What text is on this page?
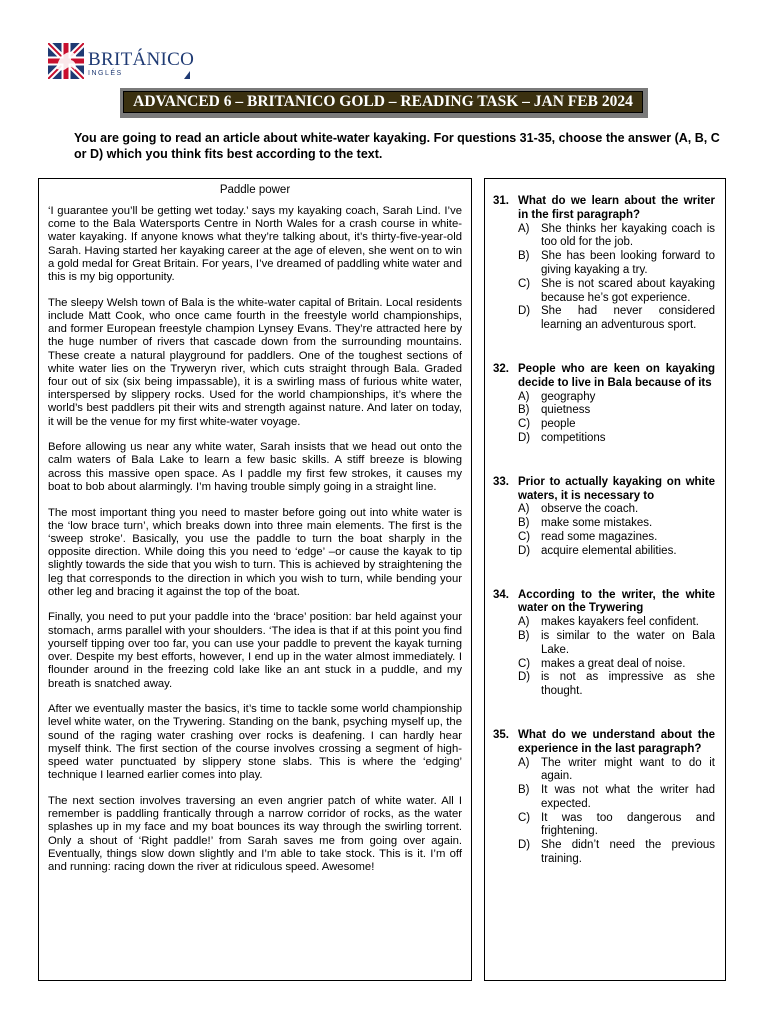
BRITÁNICO
INGLÉS
ADVANCED 6 – BRITANICO GOLD – READING TASK – JAN FEB 2024
You are going to read an article about white-water kayaking. For questions 31-35, choose the answer (A, B, C or D) which you think fits best according to the text.
Paddle power

‘I guarantee you’ll be getting wet today.’ says my kayaking coach, Sarah Lind. I’ve come to the Bala Watersports Centre in North Wales for a crash course in white-water kayaking. If anyone knows what they’re talking about, it’s thirty-five-year-old Sarah. Having started her kayaking career at the age of eleven, she went on to win a gold medal for Great Britain. For years, I’ve dreamed of paddling white water and this is my big opportunity.

The sleepy Welsh town of Bala is the white-water capital of Britain. Local residents include Matt Cook, who once came fourth in the freestyle world championships, and former European freestyle champion Lynsey Evans. They’re attracted here by the huge number of rivers that cascade down from the surrounding mountains. These create a natural playground for paddlers. One of the toughest sections of white water lies on the Tryweryn river, which cuts straight through Bala. Graded four out of six (six being impassable), it is a swirling mass of furious white water, interspersed by slippery rocks. Used for the world championships, it’s where the world’s best paddlers pit their wits and strength against nature. And later on today, it will be the venue for my first white-water voyage.

Before allowing us near any white water, Sarah insists that we head out onto the calm waters of Bala Lake to learn a few basic skills. A stiff breeze is blowing across this massive open space. As I paddle my first few strokes, it causes my boat to bob about alarmingly. I’m having trouble simply going in a straight line.

The most important thing you need to master before going out into white water is the ‘low brace turn’, which breaks down into three main elements. The first is the ‘sweep stroke’. Basically, you use the paddle to turn the boat sharply in the opposite direction. While doing this you need to ‘edge’ –or cause the kayak to tip slightly towards the side that you wish to turn. This is achieved by straightening the leg that corresponds to the direction in which you wish to turn, while bending your other leg and bracing it against the top of the boat.

Finally, you need to put your paddle into the ‘brace’ position: bar held against your stomach, arms parallel with your shoulders. ‘The idea is that if at this point you find yourself tipping over too far, you can use your paddle to prevent the kayak turning over. Despite my best efforts, however, I end up in the water almost immediately. I flounder around in the freezing cold lake like an ant stuck in a puddle, and my breath is snatched away.

After we eventually master the basics, it’s time to tackle some world championship level white water, on the Trywering. Standing on the bank, psyching myself up, the sound of the raging water crashing over rocks is deafening. I can hardly hear myself think. The first section of the course involves crossing a segment of high-speed water punctuated by slippery stone slabs. This is where the ‘edging’ technique I learned earlier comes into play.

The next section involves traversing an even angrier patch of white water. All I remember is paddling frantically through a narrow corridor of rocks, as the water splashes up in my face and my boat bounces its way through the swirling torrent. Only a shout of ‘Right paddle!’ from Sarah saves me from going over again. Eventually, things slow down slightly and I’m able to take stock. This is it. I’m off and running: racing down the river at ridiculous speed. Awesome!

31. What do we learn about the writer in the first paragraph?
A)	She thinks her kayaking coach is too old for the job.
B)	She has been looking forward to giving kayaking a try.
C) She is not scared about kayaking because he’s got experience.
D) She had never considered learning an adventurous sport.
32. People who are keen on kayaking decide to live in Bala because of its
A)	geography
B)	quietness
C) people
D) competitions
33. Prior to actually kayaking on white waters, it is necessary to
A)	observe the coach.
B)	make some mistakes.
C) read some magazines.
D) acquire elemental abilities.
34. According to the writer, the white water on the Trywering
A)	makes kayakers feel confident.
B)	is similar to the water on Bala Lake.
C) makes a great deal of noise.
D) is not as impressive as she thought.
35. What do we understand about the experience in the last paragraph?
A)	The writer might want to do it again.
B)	It was not what the writer had expected.
C) It was too dangerous and frightening.
D) She didn’t need the previous training.
